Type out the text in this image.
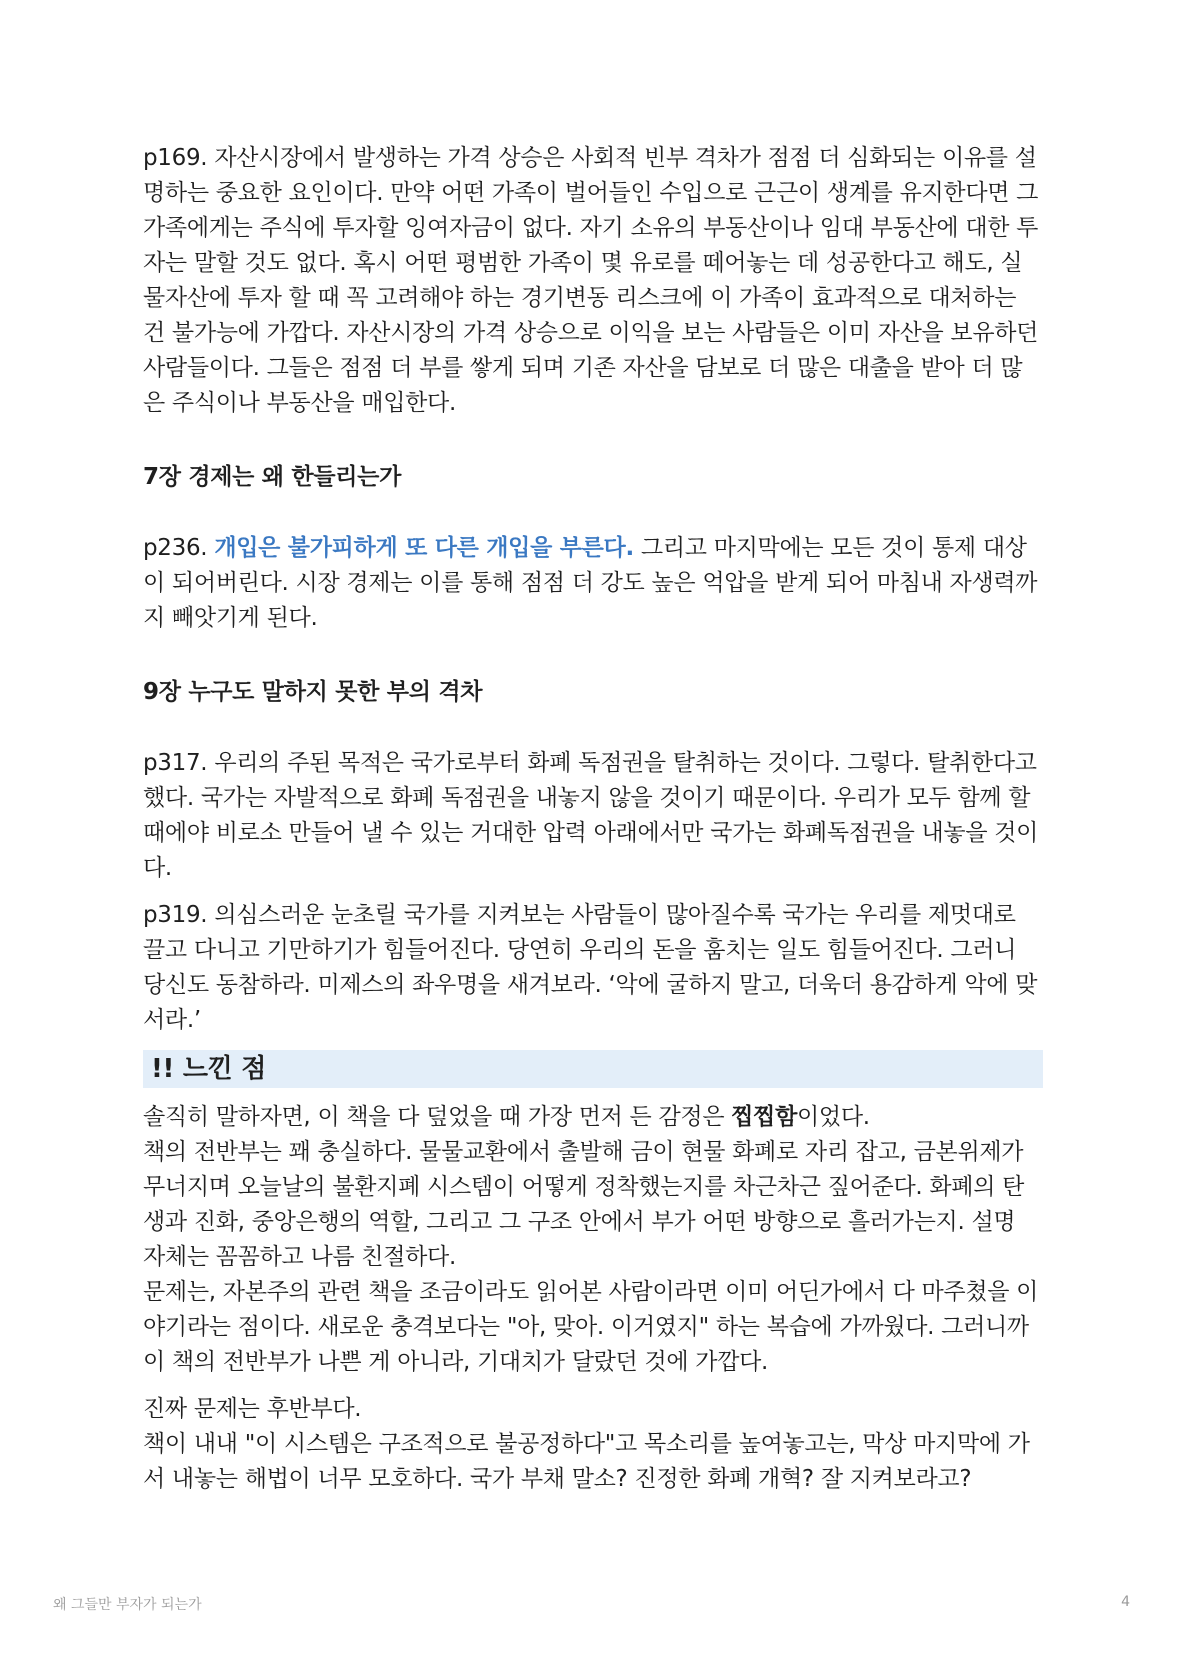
p169. 자산시장에서 발생하는 가격 상승은 사회적 빈부 격차가 점점 더 심화되는 이유를 설명하는 중요한 요인이다. 만약 어떤 가족이 벌어들인 수입으로 근근이 생계를 유지한다면 그 가족에게는 주식에 투자할 잉여자금이 없다. 자기 소유의 부동산이나 임대 부동산에 대한 투자는 말할 것도 없다. 혹시 어떤 평범한 가족이 몇 유로를 떼어놓는 데 성공한다고 해도, 실물자산에 투자 할 때 꼭 고려해야 하는 경기변동 리스크에 이 가족이 효과적으로 대처하는 건 불가능에 가깝다. 자산시장의 가격 상승으로 이익을 보는 사람들은 이미 자산을 보유하던 사람들이다. 그들은 점점 더 부를 쌓게 되며 기존 자산을 담보로 더 많은 대출을 받아 더 많은 주식이나 부동산을 매입한다.

7장 경제는 왜 한들리는가

p236. 개입은 불가피하게 또 다른 개입을 부른다. 그리고 마지막에는 모든 것이 통제 대상이 되어버린다. 시장 경제는 이를 통해 점점 더 강도 높은 억압을 받게 되어 마침내 자생력까지 빼앗기게 된다.

9장 누구도 말하지 못한 부의 격차

p317. 우리의 주된 목적은 국가로부터 화폐 독점권을 탈취하는 것이다. 그렇다. 탈취한다고 했다. 국가는 자발적으로 화폐 독점권을 내놓지 않을 것이기 때문이다. 우리가 모두 함께 할 때에야 비로소 만들어 낼 수 있는 거대한 압력 아래에서만 국가는 화폐독점권을 내놓을 것이다.

p319. 의심스러운 눈초릴 국가를 지켜보는 사람들이 많아질수록 국가는 우리를 제멋대로 끌고 다니고 기만하기가 힘들어진다. 당연히 우리의 돈을 훔치는 일도 힘들어진다. 그러니 당신도 동참하라. 미제스의 좌우명을 새겨보라. ‘악에 굴하지 말고, 더욱더 용감하게 악에 맞서라.’

!! 느낀 점

솔직히 말하자면, 이 책을 다 덮었을 때 가장 먼저 든 감정은 찝찝함이었다.

책의 전반부는 꽤 충실하다. 물물교환에서 출발해 금이 현물 화폐로 자리 잡고, 금본위제가 무너지며 오늘날의 불환지폐 시스템이 어떻게 정착했는지를 차근차근 짚어준다. 화폐의 탄생과 진화, 중앙은행의 역할, 그리고 그 구조 안에서 부가 어떤 방향으로 흘러가는지. 설명 자체는 꼼꼼하고 나름 친절하다.

문제는, 자본주의 관련 책을 조금이라도 읽어본 사람이라면 이미 어딘가에서 다 마주쳤을 이야기라는 점이다. 새로운 충격보다는 "아, 맞아. 이거였지" 하는 복습에 가까웠다. 그러니까 이 책의 전반부가 나쁜 게 아니라, 기대치가 달랐던 것에 가깝다.

진짜 문제는 후반부다.

책이 내내 "이 시스템은 구조적으로 불공정하다"고 목소리를 높여놓고는, 막상 마지막에 가서 내놓는 해법이 너무 모호하다. 국가 부채 말소? 진정한 화폐 개혁? 잘 지켜보라고?

왜 그들만 부자가 되는가	4
